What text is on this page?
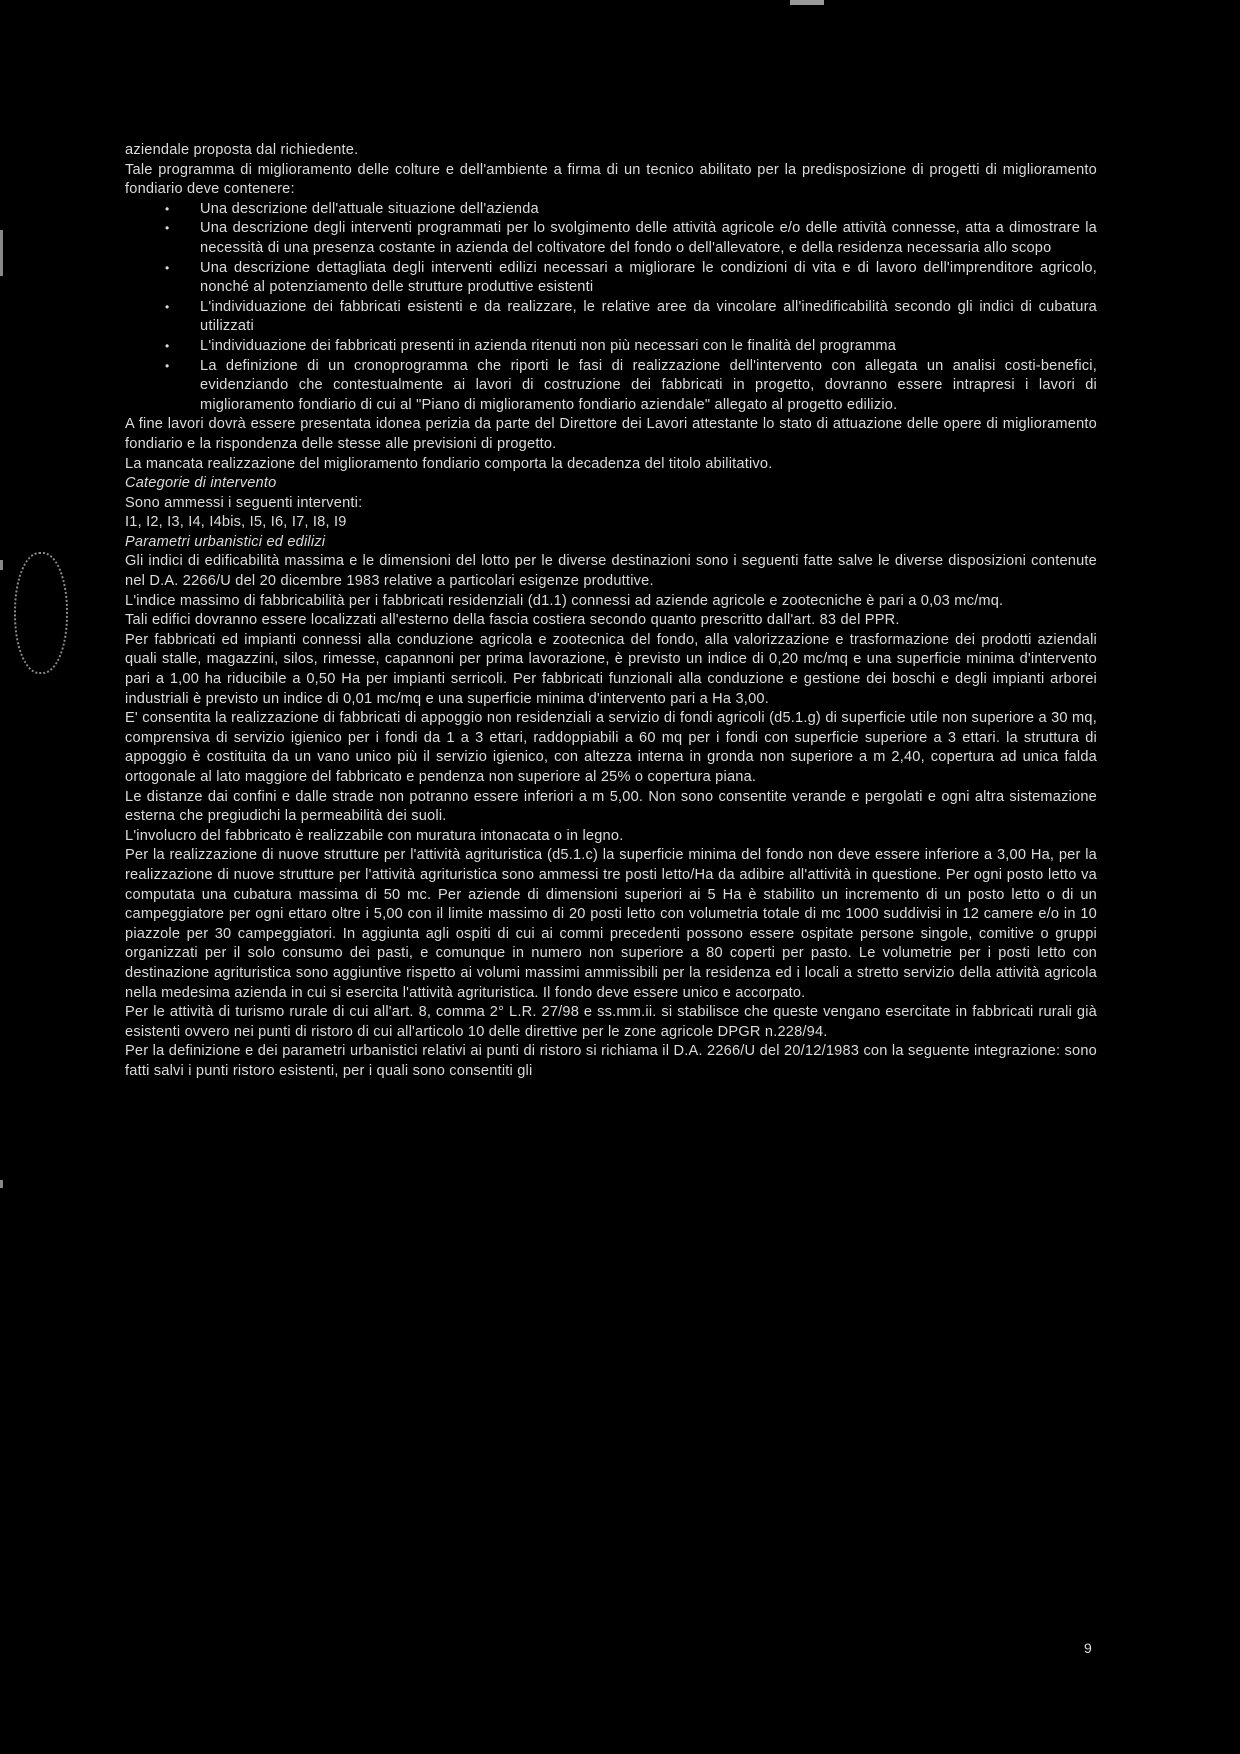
aziendale proposta dal richiedente.

Tale programma di miglioramento delle colture e dell'ambiente a firma di un tecnico abilitato per la predisposizione di progetti di miglioramento fondiario deve contenere:

• Una descrizione dell'attuale situazione dell'azienda
• Una descrizione degli interventi programmati per lo svolgimento delle attività agricole e/o delle attività connesse, atta a dimostrare la necessità di una presenza costante in azienda del coltivatore del fondo o dell'allevatore, e della residenza necessaria allo scopo
• Una descrizione dettagliata degli interventi edilizi necessari a migliorare le condizioni di vita e di lavoro dell'imprenditore agricolo, nonché al potenziamento delle strutture produttive esistenti
• L'individuazione dei fabbricati esistenti e da realizzare, le relative aree da vincolare all'inedificabilità secondo gli indici di cubatura utilizzati
• L'individuazione dei fabbricati presenti in azienda ritenuti non più necessari con le finalità del programma
• La definizione di un cronoprogramma che riporti le fasi di realizzazione dell'intervento con allegata un analisi costi-benefici, evidenziando che contestualmente ai lavori di costruzione dei fabbricati in progetto, dovranno essere intrapresi i lavori di miglioramento fondiario di cui al "Piano di miglioramento fondiario aziendale" allegato al progetto edilizio.

A fine lavori dovrà essere presentata idonea perizia da parte del Direttore dei Lavori attestante lo stato di attuazione delle opere di miglioramento fondiario e la rispondenza delle stesse alle previsioni di progetto.

La mancata realizzazione del miglioramento fondiario comporta la decadenza del titolo abilitativo.

Categorie di intervento

Sono ammessi i seguenti interventi:

I1, I2, I3, I4, I4bis, I5, I6, I7, I8, I9

Parametri urbanistici ed edilizi

Gli indici di edificabilità massima e le dimensioni del lotto per le diverse destinazioni sono i seguenti fatte salve le diverse disposizioni contenute nel D.A. 2266/U del 20 dicembre 1983 relative a particolari esigenze produttive.

L'indice massimo di fabbricabilità per i fabbricati residenziali (d1.1) connessi ad aziende agricole e zootecniche è pari a 0,03 mc/mq.

Tali edifici dovranno essere localizzati all'esterno della fascia costiera secondo quanto prescritto dall'art. 83 del PPR.

Per fabbricati ed impianti connessi alla conduzione agricola e zootecnica del fondo, alla valorizzazione e trasformazione dei prodotti aziendali quali stalle, magazzini, silos, rimesse, capannoni per prima lavorazione, è previsto un indice di 0,20 mc/mq e una superficie minima d'intervento pari a 1,00 ha riducibile a 0,50 Ha per impianti serricoli. Per fabbricati funzionali alla conduzione e gestione dei boschi e degli impianti arborei industriali è previsto un indice di 0,01 mc/mq e una superficie minima d'intervento pari a Ha 3,00.

E' consentita la realizzazione di fabbricati di appoggio non residenziali a servizio di fondi agricoli (d5.1.g) di superficie utile non superiore a 30 mq, comprensiva di servizio igienico per i fondi da 1 a 3 ettari, raddoppiabili a 60 mq per i fondi con superficie superiore a 3 ettari. la struttura di appoggio è costituita da un vano unico più il servizio igienico, con altezza interna in gronda non superiore a m 2,40, copertura ad unica falda ortogonale al lato maggiore del fabbricato e pendenza non superiore al 25% o copertura piana.

Le distanze dai confini e dalle strade non potranno essere inferiori a m 5,00. Non sono consentite verande e pergolati e ogni altra sistemazione esterna che pregiudichi la permeabilità dei suoli.

L'involucro del fabbricato è realizzabile con muratura intonacata o in legno.

Per la realizzazione di nuove strutture per l'attività agrituristica (d5.1.c) la superficie minima del fondo non deve essere inferiore a 3,00 Ha, per la realizzazione di nuove strutture per l'attività agrituristica sono ammessi tre posti letto/Ha da adibire all'attività in questione. Per ogni posto letto va computata una cubatura massima di 50 mc. Per aziende di dimensioni superiori ai 5 Ha è stabilito un incremento di un posto letto o di un campeggiatore per ogni ettaro oltre i 5,00 con il limite massimo di 20 posti letto con volumetria totale di mc 1000 suddivisi in 12 camere e/o in 10 piazzole per 30 campeggiatori. In aggiunta agli ospiti di cui ai commi precedenti possono essere ospitate persone singole, comitive o gruppi organizzati per il solo consumo dei pasti, e comunque in numero non superiore a 80 coperti per pasto. Le volumetrie per i posti letto con destinazione agrituristica sono aggiuntive rispetto ai volumi massimi ammissibili per la residenza ed i locali a stretto servizio della attività agricola nella medesima azienda in cui si esercita l'attività agrituristica. Il fondo deve essere unico e accorpato.

Per le attività di turismo rurale di cui all'art. 8, comma 2° L.R. 27/98 e ss.mm.ii. si stabilisce che queste vengano esercitate in fabbricati rurali già esistenti ovvero nei punti di ristoro di cui all'articolo 10 delle direttive per le zone agricole DPGR n.228/94.

Per la definizione e dei parametri urbanistici relativi ai punti di ristoro si richiama il D.A. 2266/U del 20/12/1983 con la seguente integrazione: sono fatti salvi i punti ristoro esistenti, per i quali sono consentiti gli

9
